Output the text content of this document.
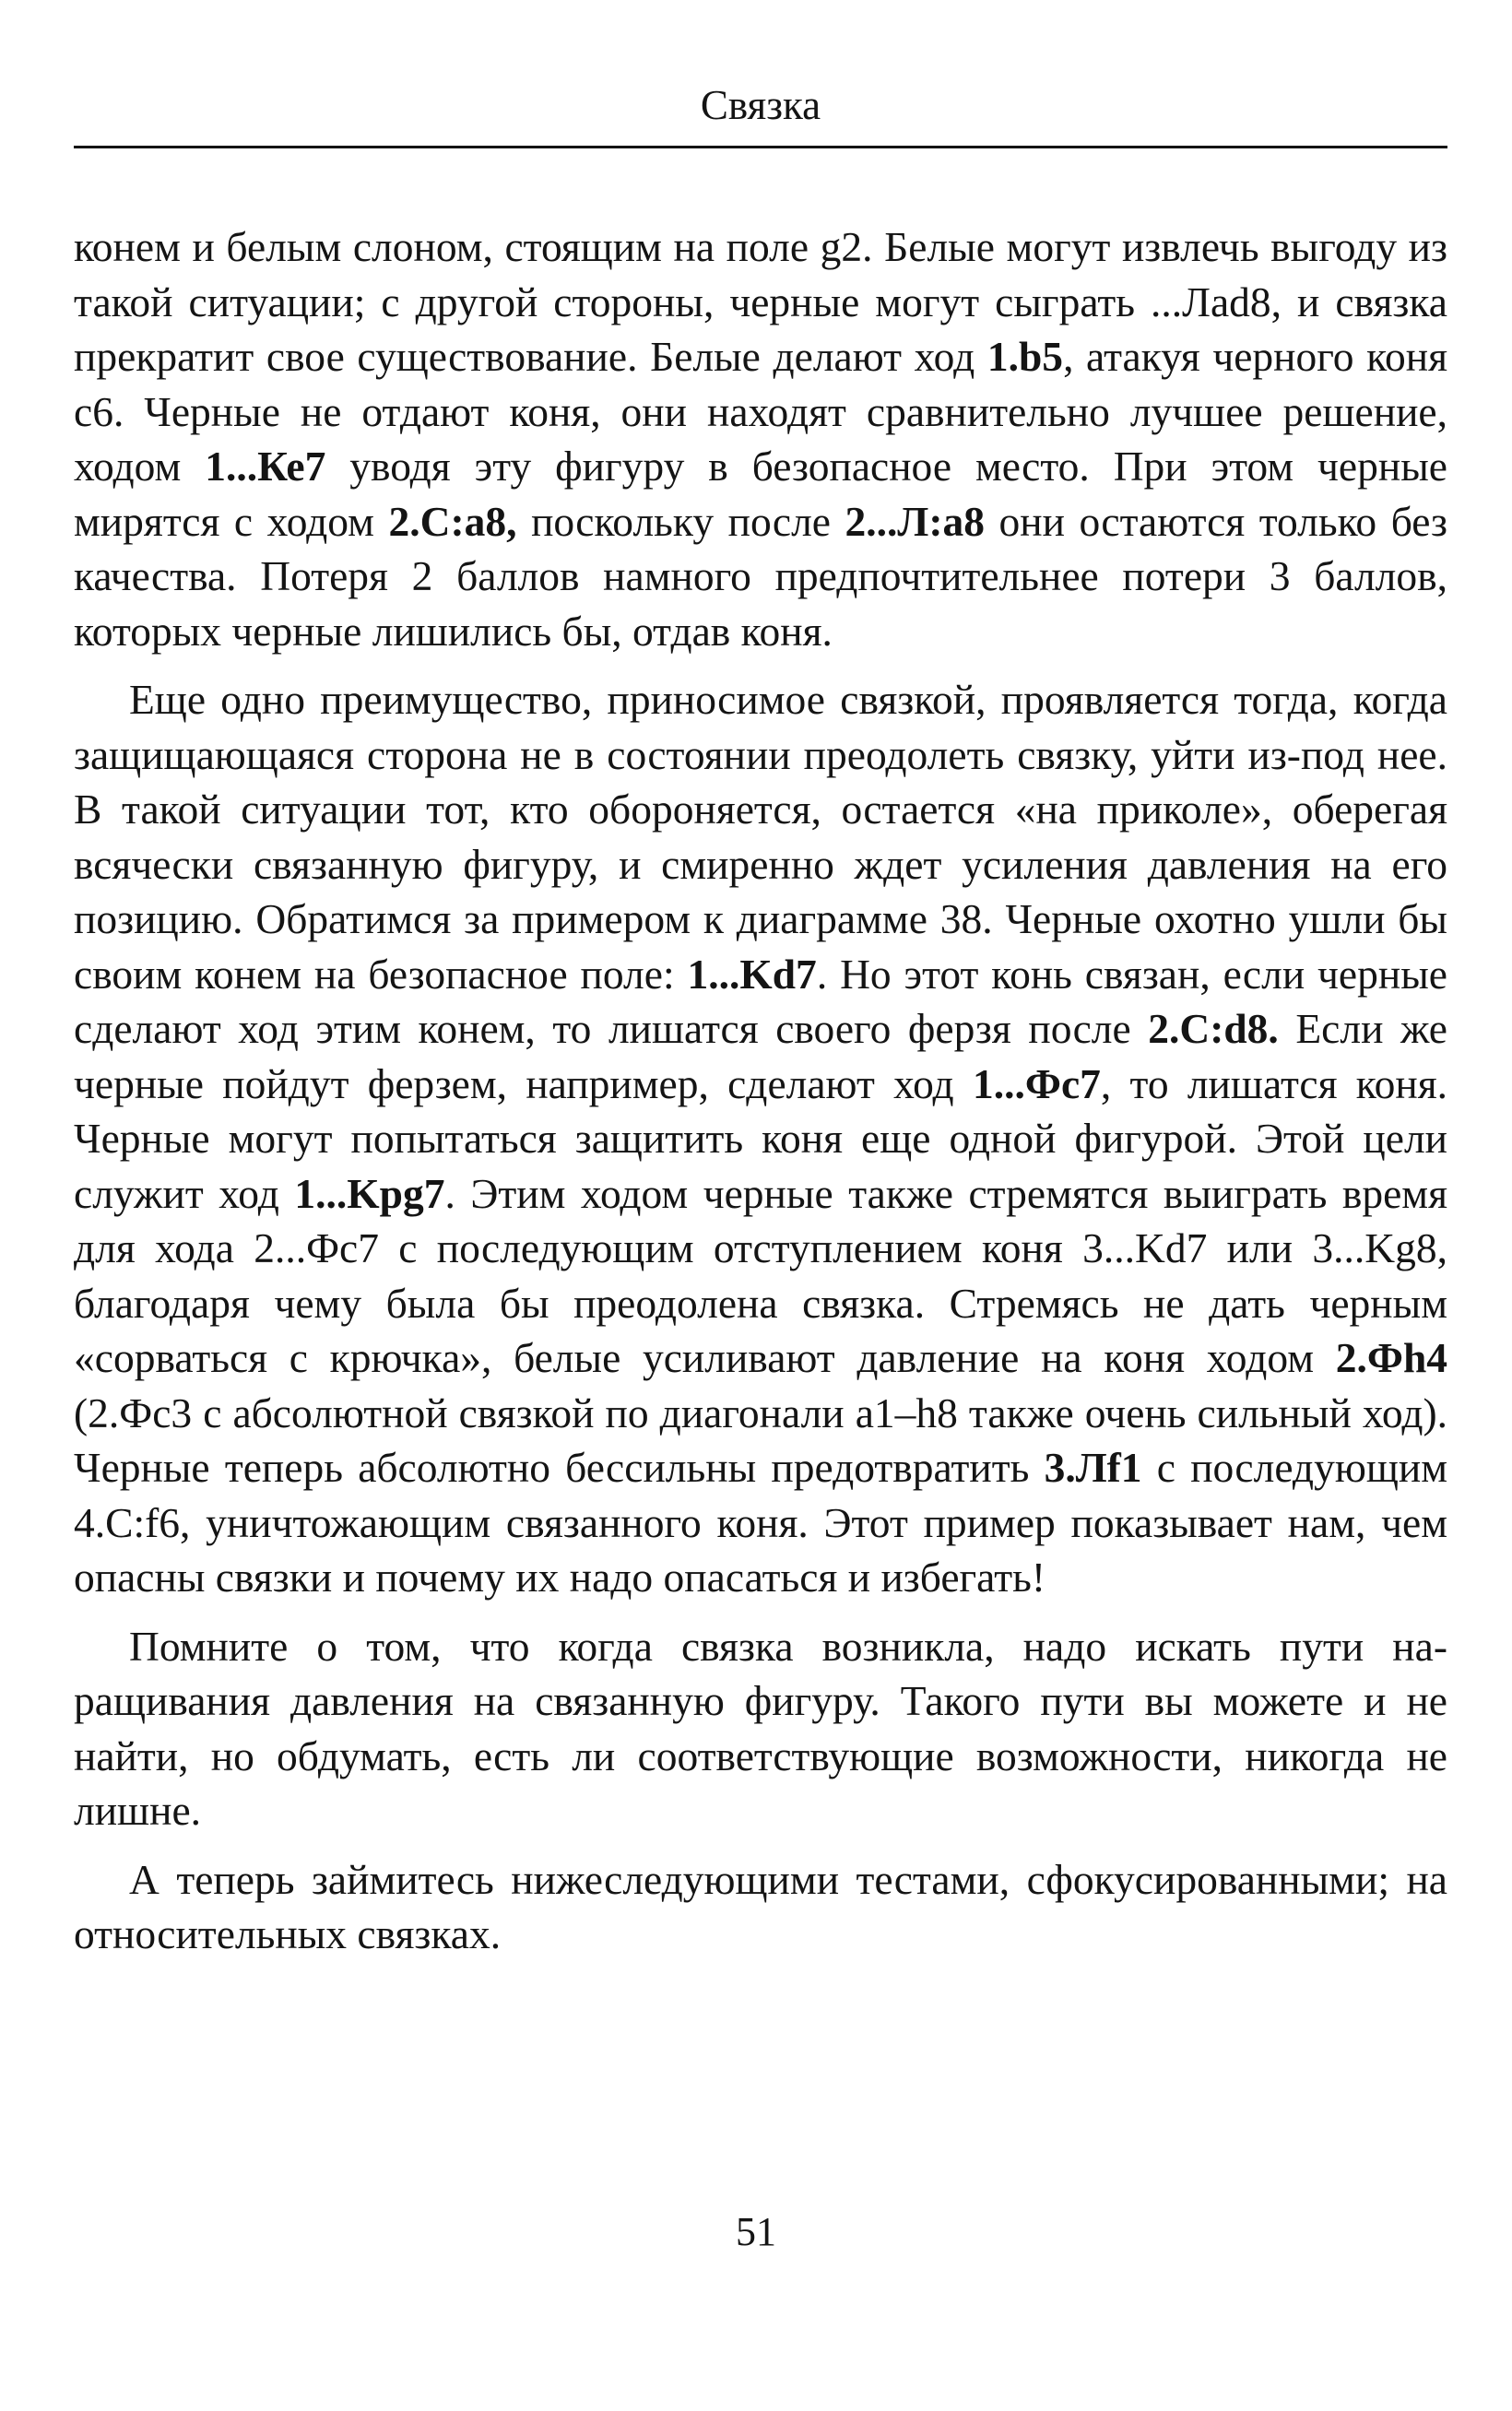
Связка

конем и белым слоном, стоящим на поле g2. Белые могут извлечь выгоду из такой ситуации; с другой стороны, черные могут сыграть ...Лad8, и связка прекратит свое существование. Белые делают ход 1.b5, атакуя черного коня с6. Черные не отдают коня, они находят сравнительно лучшее решение, ходом 1...Ке7 уводя эту фигуру в безопасное место. При этом черные мирятся с ходом 2.С:а8, поскольку после 2...Л:а8 они остаются только без качества. Потеря 2 баллов намного предпочтительнее потери 3 баллов, которых черные лишились бы, отдав коня.

Еще одно преимущество, приносимое связкой, проявляется тогда, когда защищающаяся сторона не в состоянии преодолеть связку, уйти из-под нее. В такой ситуации тот, кто обороняется, остается «на приколе», оберегая всячески связанную фигуру, и смиренно ждет усиления давления на его позицию. Обратимся за примером к диаграмме 38. Черные охотно ушли бы своим конем на безопасное поле: 1...Kd7. Но этот конь связан, если черные сделают ход этим конем, то лишатся своего ферзя после 2.С:d8. Если же черные пойдут ферзем, например, сделают ход 1...Фс7, то лишатся коня. Черные могут попытаться защитить коня еще одной фигурой. Этой цели служит ход 1...Kpg7. Этим ходом черные также стремятся выиграть время для хода 2...Фс7 с последующим отступлением коня 3...Kd7 или 3...Kg8, благодаря чему была бы преодолена связка. Стремясь не дать черным «сорваться с крючка», белые усиливают давление на коня ходом 2.Фh4 (2.Фс3 с абсолютной связкой по диагонали a1–h8 также очень сильный ход). Черные теперь абсолютно бессильны предотвратить 3.Лf1 с последующим 4.С:f6, уничтожающим связанного коня. Этот пример показывает нам, чем опасны связки и почему их надо опасаться и избегать!

Помните о том, что когда связка возникла, надо искать пути наращивания давления на связанную фигуру. Такого пути вы можете и не найти, но обдумать, есть ли соответствующие возможности, никогда не лишне.

А теперь займитесь нижеследующими тестами, сфокусированными; на относительных связках.

51
